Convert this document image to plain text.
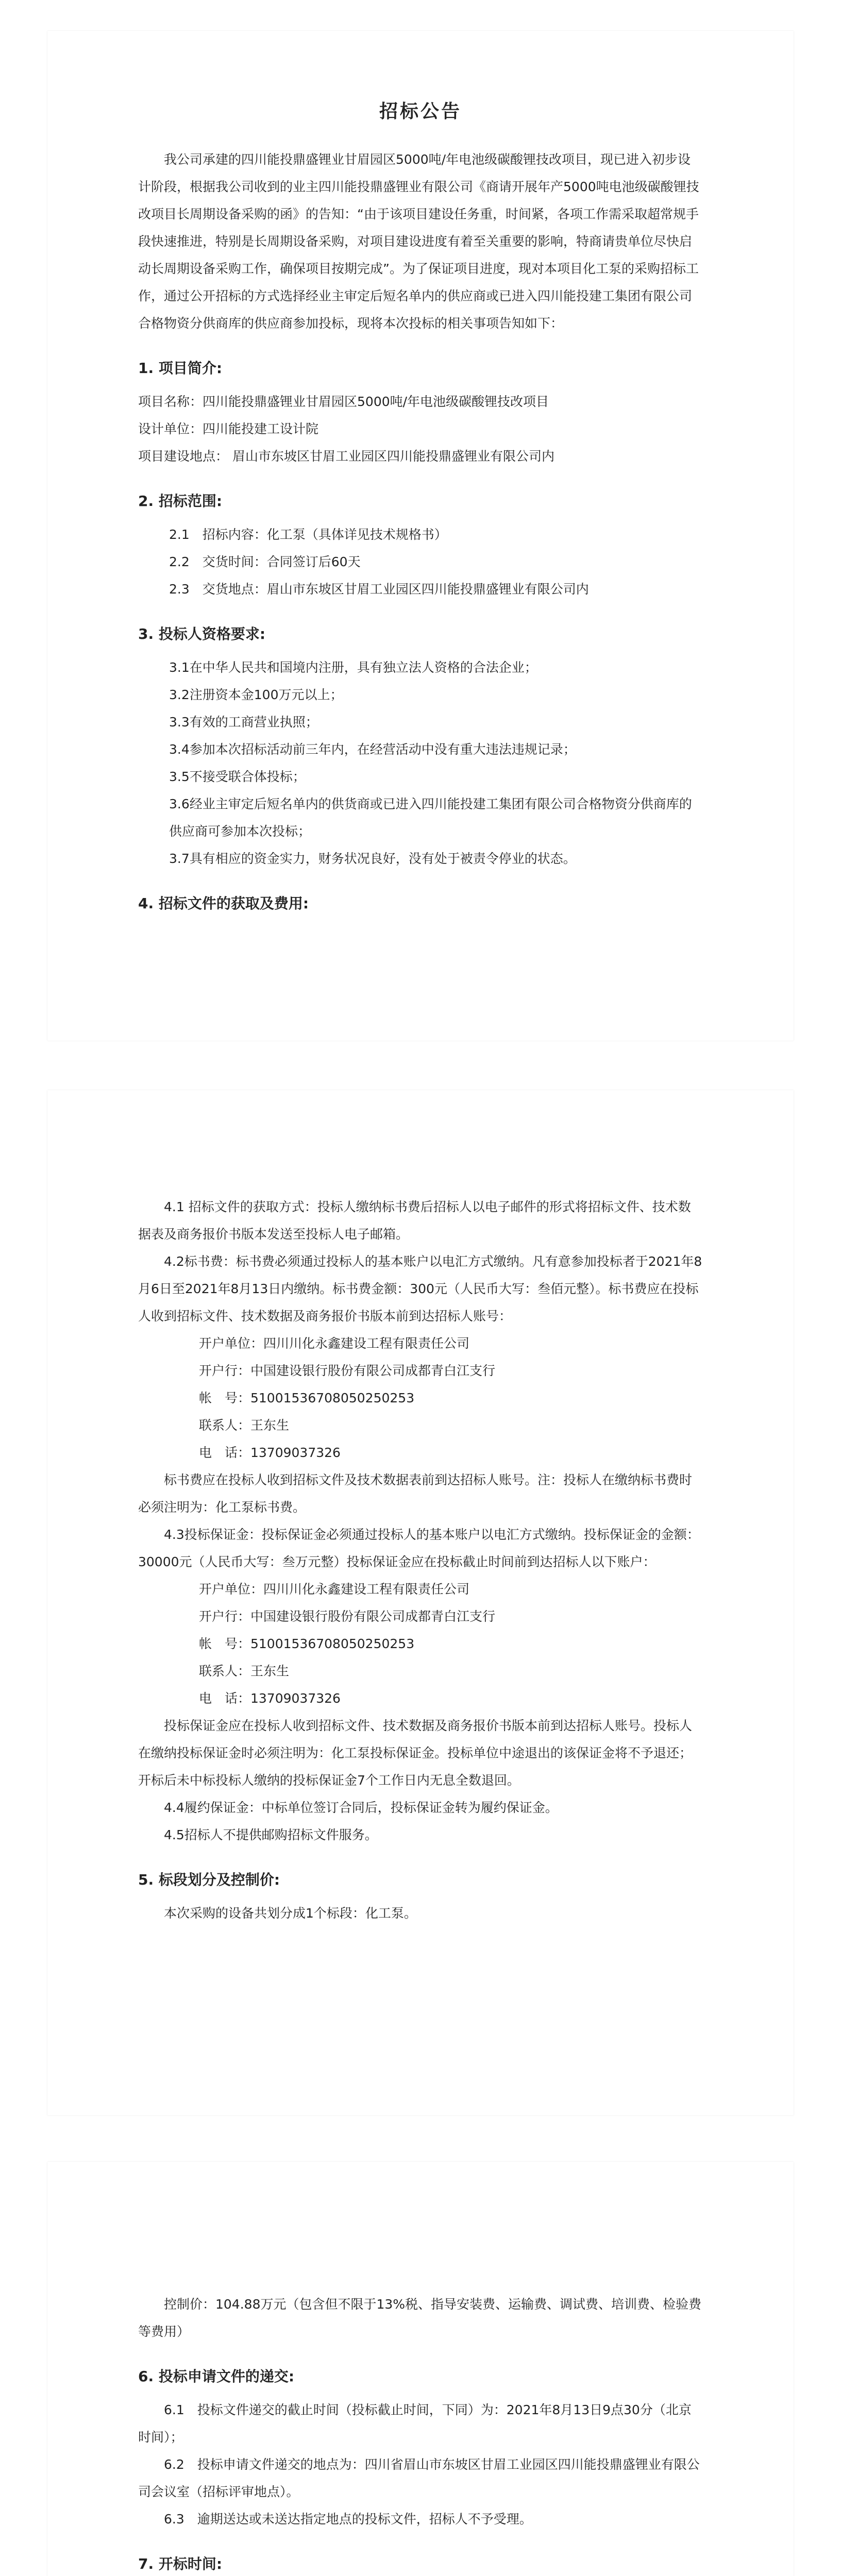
招标公告

我公司承建的四川能投鼎盛锂业甘眉园区5000吨/年电池级碳酸锂技改项目，现已进入初步设计阶段，根据我公司收到的业主四川能投鼎盛锂业有限公司《商请开展年产5000吨电池级碳酸锂技改项目长周期设备采购的函》的告知：“由于该项目建设任务重，时间紧，各项工作需采取超常规手段快速推进，特别是长周期设备采购，对项目建设进度有着至关重要的影响，特商请贵单位尽快启动长周期设备采购工作，确保项目按期完成”。为了保证项目进度，现对本项目化工泵的采购招标工作，通过公开招标的方式选择经业主审定后短名单内的供应商或已进入四川能投建工集团有限公司合格物资分供商库的供应商参加投标，现将本次投标的相关事项告知如下：

1. 项目简介:

项目名称：四川能投鼎盛锂业甘眉园区5000吨/年电池级碳酸锂技改项目

设计单位：四川能投建工设计院

项目建设地点： 眉山市东坡区甘眉工业园区四川能投鼎盛锂业有限公司内

2. 招标范围:

2.1　招标内容：化工泵（具体详见技术规格书）

2.2　交货时间：合同签订后60天

2.3　交货地点：眉山市东坡区甘眉工业园区四川能投鼎盛锂业有限公司内

3. 投标人资格要求:

3.1在中华人民共和国境内注册，具有独立法人资格的合法企业；

3.2注册资本金100万元以上；

3.3有效的工商营业执照；

3.4参加本次招标活动前三年内，在经营活动中没有重大违法违规记录；

3.5不接受联合体投标；

3.6经业主审定后短名单内的供货商或已进入四川能投建工集团有限公司合格物资分供商库的供应商可参加本次投标；

3.7具有相应的资金实力，财务状况良好，没有处于被责令停业的状态。

4. 招标文件的获取及费用:

4.1 招标文件的获取方式：投标人缴纳标书费后招标人以电子邮件的形式将招标文件、技术数据表及商务报价书版本发送至投标人电子邮箱。

4.2标书费：标书费必须通过投标人的基本账户以电汇方式缴纳。凡有意参加投标者于2021年8月6日至2021年8月13日内缴纳。标书费金额：300元（人民币大写：叁佰元整）。标书费应在投标人收到招标文件、技术数据及商务报价书版本前到达招标人账号：

开户单位：四川川化永鑫建设工程有限责任公司

开户行：中国建设银行股份有限公司成都青白江支行

帐　号：51001536708050250253

联系人：王东生

电　话：13709037326

标书费应在投标人收到招标文件及技术数据表前到达招标人账号。注：投标人在缴纳标书费时必须注明为：化工泵标书费。

4.3投标保证金：投标保证金必须通过投标人的基本账户以电汇方式缴纳。投标保证金的金额：30000元（人民币大写：叁万元整）投标保证金应在投标截止时间前到达招标人以下账户：

开户单位：四川川化永鑫建设工程有限责任公司

开户行：中国建设银行股份有限公司成都青白江支行

帐　号：51001536708050250253

联系人：王东生

电　话：13709037326

投标保证金应在投标人收到招标文件、技术数据及商务报价书版本前到达招标人账号。投标人在缴纳投标保证金时必须注明为：化工泵投标保证金。投标单位中途退出的该保证金将不予退还；开标后未中标投标人缴纳的投标保证金7个工作日内无息全数退回。

4.4履约保证金：中标单位签订合同后，投标保证金转为履约保证金。

4.5招标人不提供邮购招标文件服务。

5. 标段划分及控制价:

本次采购的设备共划分成1个标段：化工泵。

控制价：104.88万元（包含但不限于13%税、指导安装费、运输费、调试费、培训费、检验费等费用）

6. 投标申请文件的递交:

6.1　投标文件递交的截止时间（投标截止时间，下同）为：2021年8月13日9点30分（北京时间）；

6.2　投标申请文件递交的地点为：四川省眉山市东坡区甘眉工业园区四川能投鼎盛锂业有限公司会议室（招标评审地点）。

6.3　逾期送达或未送达指定地点的投标文件，招标人不予受理。

7. 开标时间:
